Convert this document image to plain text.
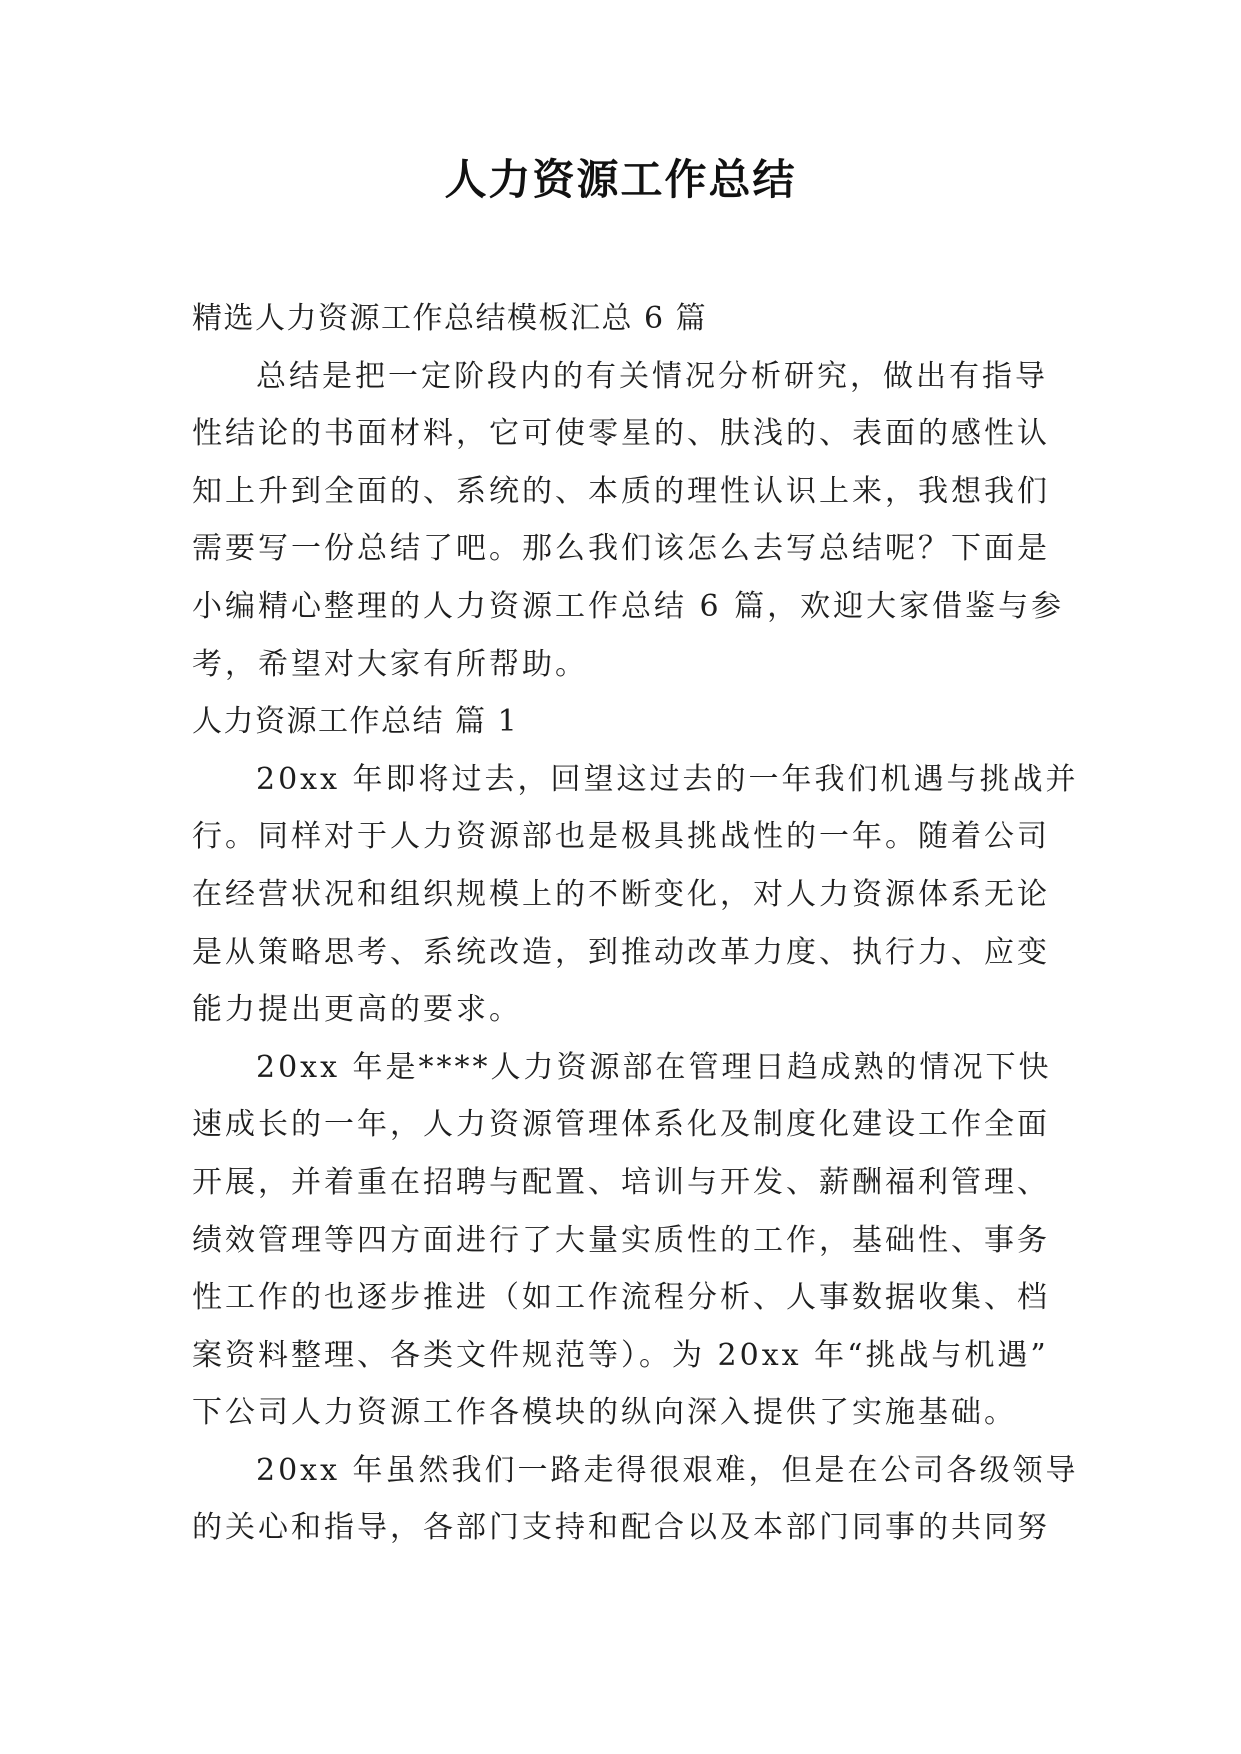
人力资源工作总结
精选人力资源工作总结模板汇总 6 篇
总结是把一定阶段内的有关情况分析研究，做出有指导
性结论的书面材料，它可使零星的、肤浅的、表面的感性认
知上升到全面的、系统的、本质的理性认识上来，我想我们
需要写一份总结了吧。那么我们该怎么去写总结呢？下面是
小编精心整理的人力资源工作总结 6 篇，欢迎大家借鉴与参
考，希望对大家有所帮助。
人力资源工作总结 篇 1
20xx 年即将过去，回望这过去的一年我们机遇与挑战并
行。同样对于人力资源部也是极具挑战性的一年。随着公司
在经营状况和组织规模上的不断变化，对人力资源体系无论
是从策略思考、系统改造，到推动改革力度、执行力、应变
能力提出更高的要求。
20xx 年是****人力资源部在管理日趋成熟的情况下快
速成长的一年，人力资源管理体系化及制度化建设工作全面
开展，并着重在招聘与配置、培训与开发、薪酬福利管理、
绩效管理等四方面进行了大量实质性的工作，基础性、事务
性工作的也逐步推进（如工作流程分析、人事数据收集、档
案资料整理、各类文件规范等）。为 20xx 年“挑战与机遇”
下公司人力资源工作各模块的纵向深入提供了实施基础。
20xx 年虽然我们一路走得很艰难，但是在公司各级领导
的关心和指导，各部门支持和配合以及本部门同事的共同努
